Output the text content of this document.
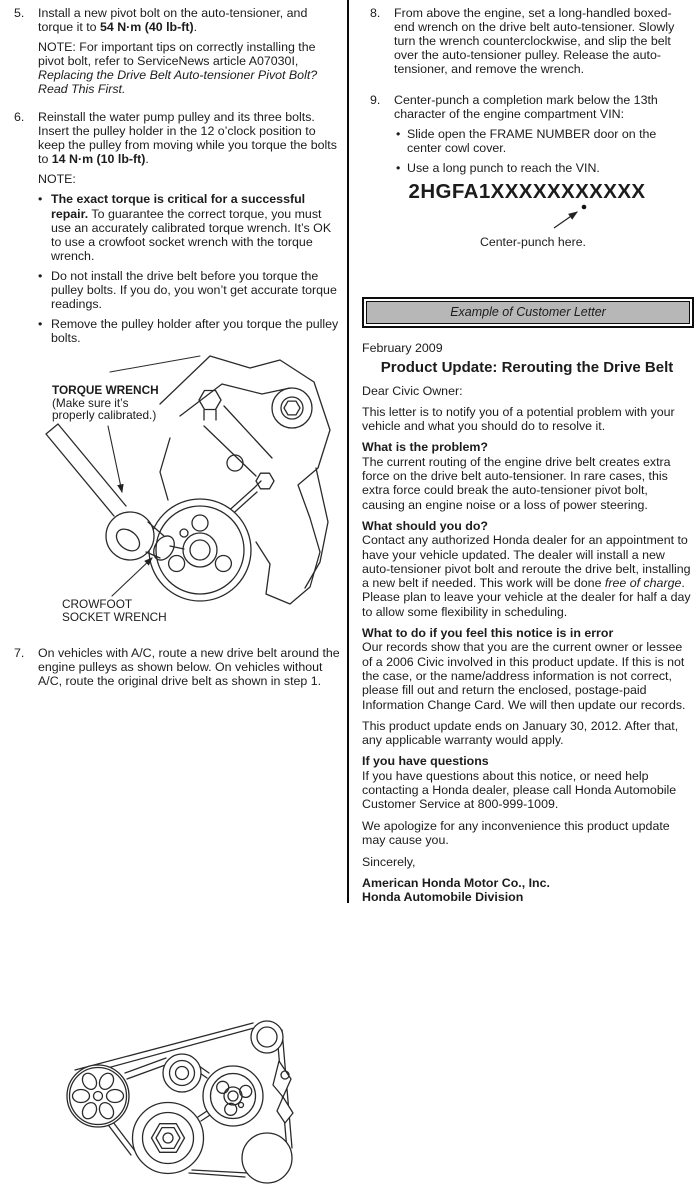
5.	Install a new pivot bolt on the auto-tensioner, and torque it to 54 N·m (40 lb-ft).
NOTE: For important tips on correctly installing the pivot bolt, refer to ServiceNews article A07030I, Replacing the Drive Belt Auto-tensioner Pivot Bolt? Read This First.
6.	Reinstall the water pump pulley and its three bolts. Insert the pulley holder in the 12 o’clock position to keep the pulley from moving while you torque the bolts to 14 N·m (10 lb-ft).
NOTE:
• The exact torque is critical for a successful repair. To guarantee the correct torque, you must use an accurately calibrated torque wrench. It’s OK to use a crowfoot socket wrench with the torque wrench.
• Do not install the drive belt before you torque the pulley bolts. If you do, you won’t get accurate torque readings.
• Remove the pulley holder after you torque the pulley bolts.
TORQUE WRENCH
(Make sure it’s
properly calibrated.)
CROWFOOT
SOCKET WRENCH
7.	On vehicles with A/C, route a new drive belt around the engine pulleys as shown below. On vehicles without A/C, route the original drive belt as shown in step 1.
8.	From above the engine, set a long-handled boxed-end wrench on the drive belt auto-tensioner. Slowly turn the wrench counterclockwise, and slip the belt over the auto-tensioner pulley. Release the auto-tensioner, and remove the wrench.
9.	Center-punch a completion mark below the 13th character of the engine compartment VIN:
• Slide open the FRAME NUMBER door on the center cowl cover.
• Use a long punch to reach the VIN.
2HGFA1XXXXXXXXXXX
Center-punch here.
Example of Customer Letter

February 2009

Product Update: Rerouting the Drive Belt

Dear Civic Owner:

This letter is to notify you of a potential problem with your vehicle and what you should do to resolve it.

What is the problem?

The current routing of the engine drive belt creates extra force on the drive belt auto-tensioner. In rare cases, this extra force could break the auto-tensioner pivot bolt, causing an engine noise or a loss of power steering.

What should you do?

Contact any authorized Honda dealer for an appointment to have your vehicle updated. The dealer will install a new auto-tensioner pivot bolt and reroute the drive belt, installing a new belt if needed. This work will be done free of charge. Please plan to leave your vehicle at the dealer for half a day to allow some flexibility in scheduling.

What to do if you feel this notice is in error

Our records show that you are the current owner or lessee of a 2006 Civic involved in this product update. If this is not the case, or the name/address information is not correct, please fill out and return the enclosed, postage-paid Information Change Card. We will then update our records.

This product update ends on January 30, 2012. After that, any applicable warranty would apply.

If you have questions

If you have questions about this notice, or need help contacting a Honda dealer, please call Honda Automobile Customer Service at 800-999-1009.

We apologize for any inconvenience this product update may cause you.

Sincerely,

American Honda Motor Co., Inc.
Honda Automobile Division
